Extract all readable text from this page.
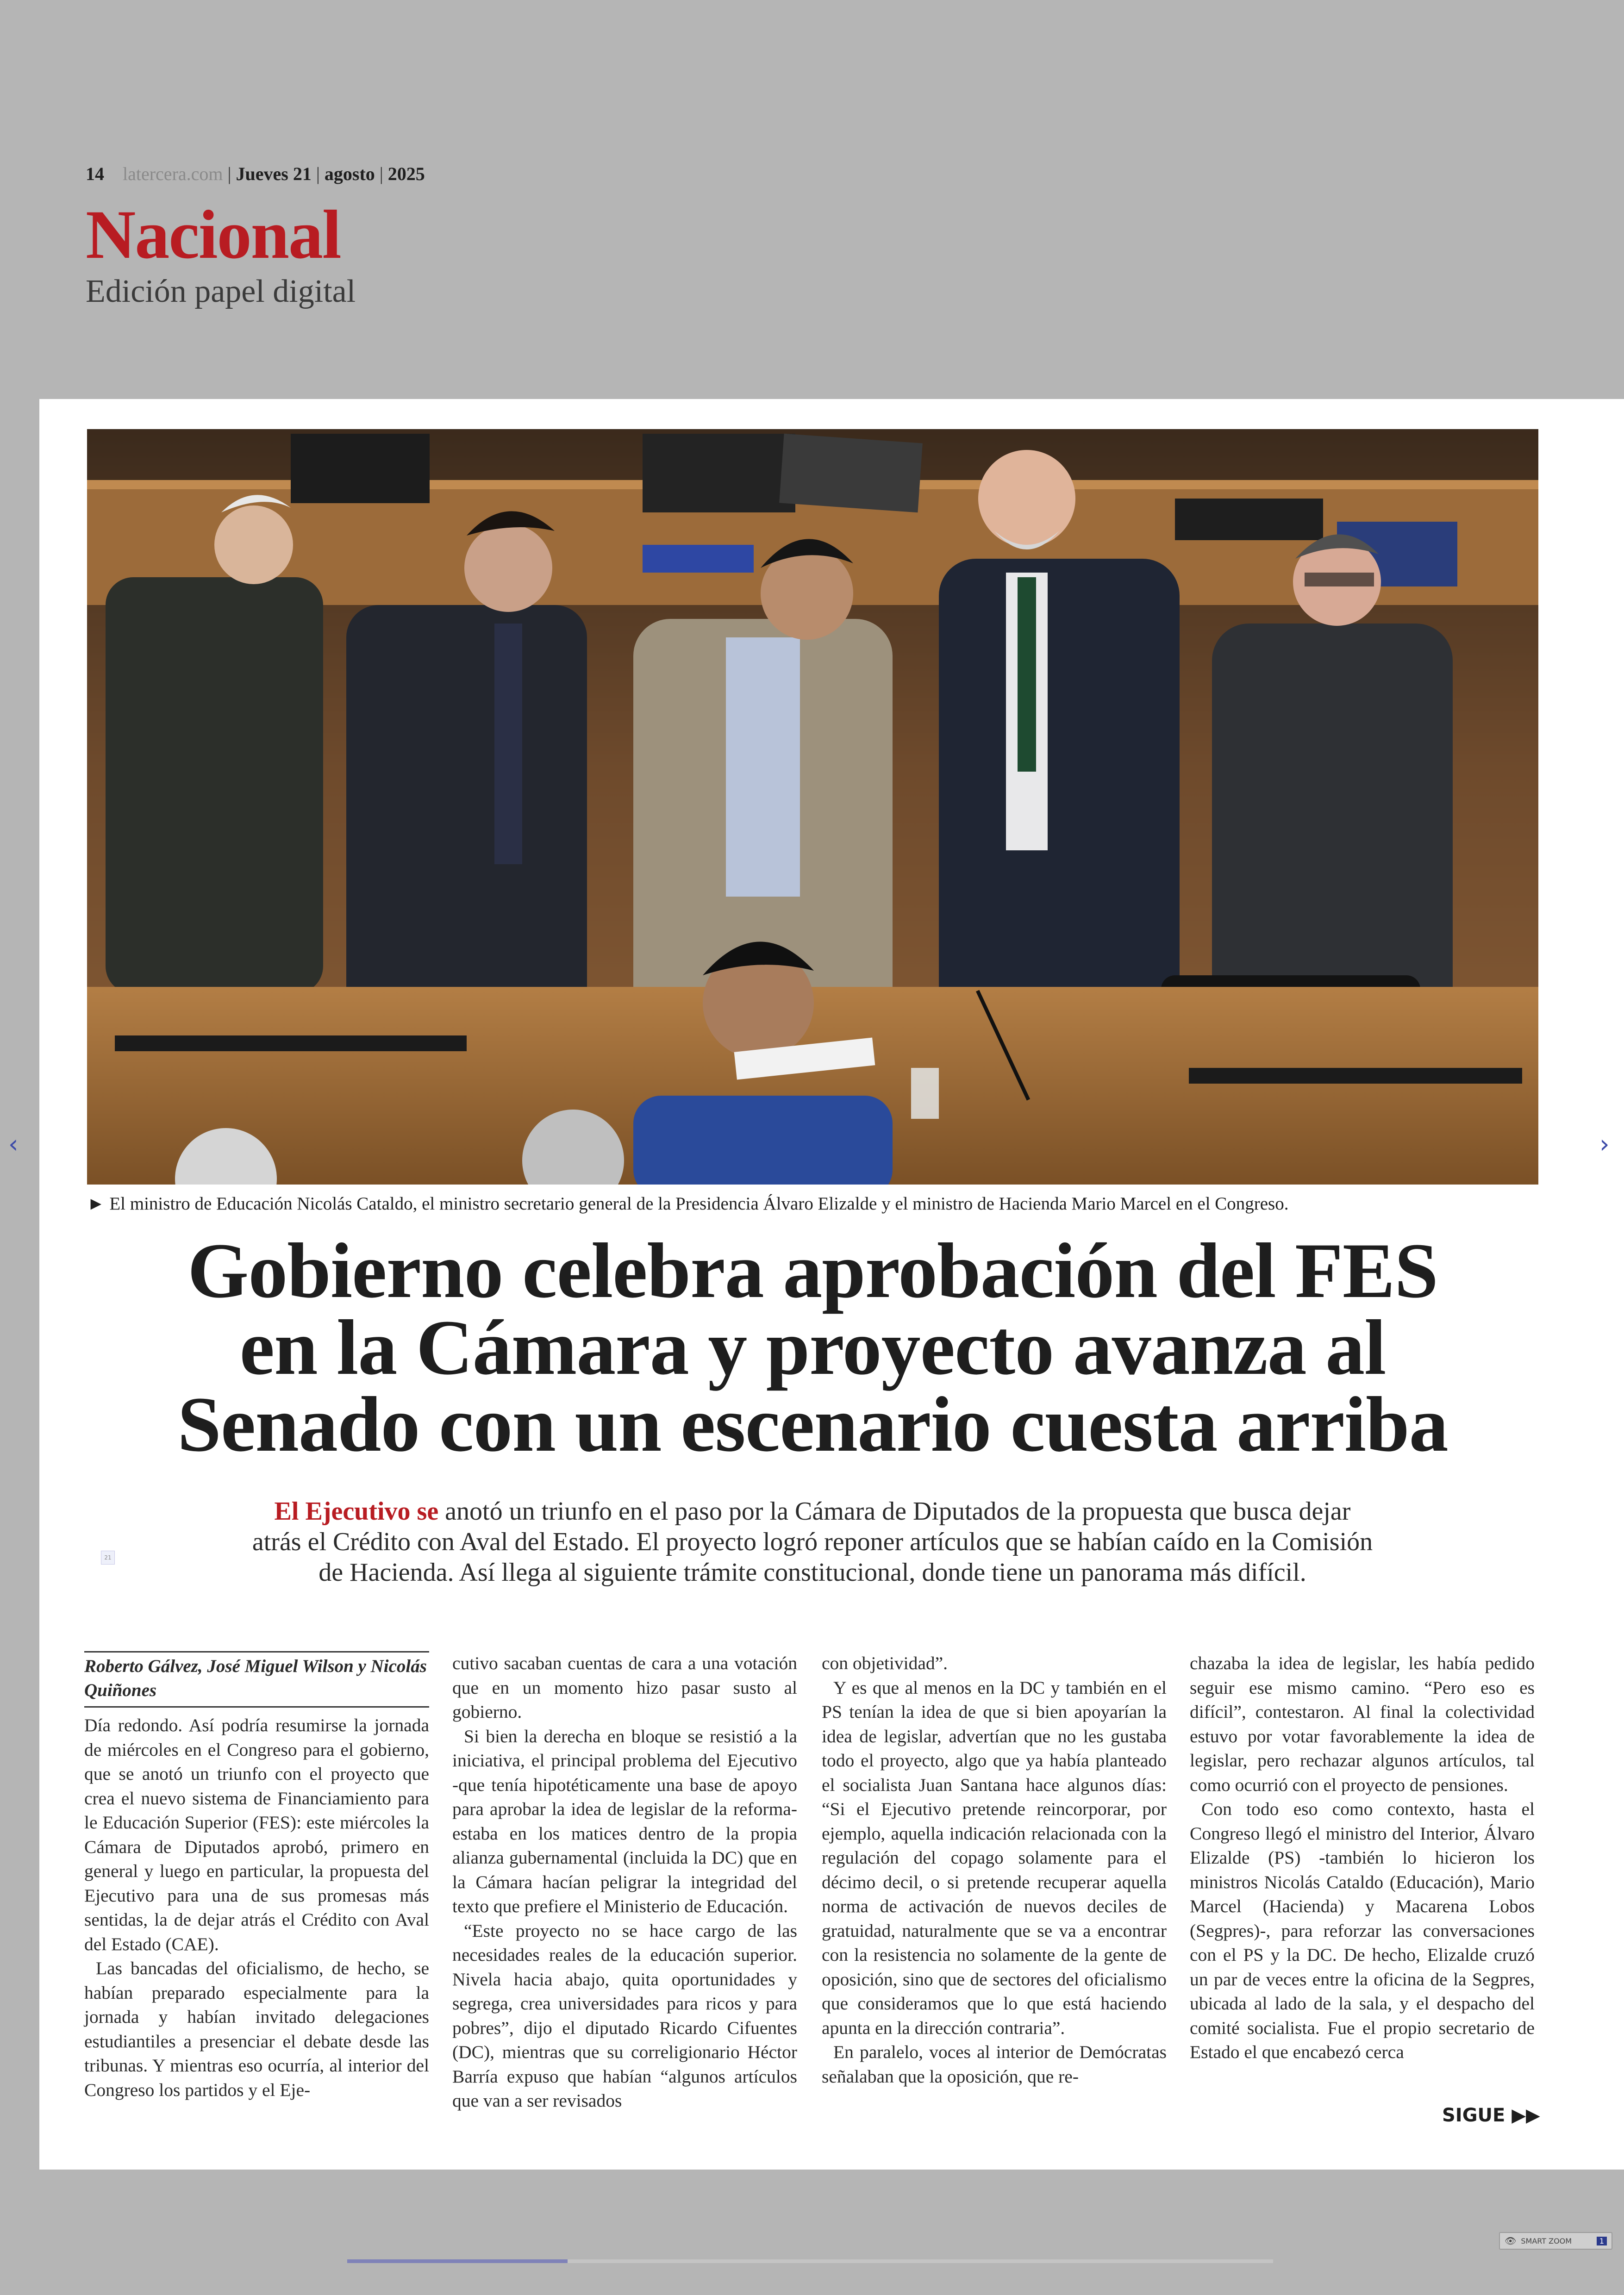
14 latercera.com | Jueves 21 | agosto | 2025
Nacional
Edición papel digital
► El ministro de Educación Nicolás Cataldo, el ministro secretario general de la Presidencia Álvaro Elizalde y el ministro de Hacienda Mario Marcel en el Congreso.
Gobierno celebra aprobación del FES
en la Cámara y proyecto avanza al
Senado con un escenario cuesta arriba
21
El Ejecutivo se anotó un triunfo en el paso por la Cámara de Diputados de la propuesta que busca dejar
atrás el Crédito con Aval del Estado. El proyecto logró reponer artículos que se habían caído en la Comisión
de Hacienda. Así llega al siguiente trámite constitucional, donde tiene un panorama más difícil.
Roberto Gálvez, José Miguel Wilson y Nicolás Quiñones

Día redondo. Así podría resumirse la jornada de miércoles en el Congreso para el gobierno, que se anotó un triunfo con el proyecto que crea el nuevo sistema de Financiamiento para le Educación Superior (FES): este miércoles la Cámara de Diputados aprobó, primero en general y luego en particular, la propuesta del Ejecutivo para una de sus promesas más sentidas, la de dejar atrás el Crédito con Aval del Estado (CAE).

Las bancadas del oficialismo, de hecho, se habían preparado especialmente para la jornada y habían invitado delegaciones estudiantiles a presenciar el debate desde las tribunas. Y mientras eso ocurría, al interior del Congreso los partidos y el Eje-

cutivo sacaban cuentas de cara a una votación que en un momento hizo pasar susto al gobierno.

Si bien la derecha en bloque se resistió a la iniciativa, el principal problema del Ejecutivo -que tenía hipotéticamente una base de apoyo para aprobar la idea de legislar de la reforma- estaba en los matices dentro de la propia alianza gubernamental (incluida la DC) que en la Cámara hacían peligrar la integridad del texto que prefiere el Ministerio de Educación.

“Este proyecto no se hace cargo de las necesidades reales de la educación superior. Nivela hacia abajo, quita oportunidades y segrega, crea universidades para ricos y para pobres”, dijo el diputado Ricardo Cifuentes (DC), mientras que su correligionario Héctor Barría expuso que habían “algunos artículos que van a ser revisados

con objetividad”.

Y es que al menos en la DC y también en el PS tenían la idea de que si bien apoyarían la idea de legislar, advertían que no les gustaba todo el proyecto, algo que ya había planteado el socialista Juan Santana hace algunos días: “Si el Ejecutivo pretende reincorporar, por ejemplo, aquella indicación relacionada con la regulación del copago solamente para el décimo decil, o si pretende recuperar aquella norma de activación de nuevos deciles de gratuidad, naturalmente que se va a encontrar con la resistencia no solamente de la gente de oposición, sino que de sectores del oficialismo que consideramos que lo que está haciendo apunta en la dirección contraria”.

En paralelo, voces al interior de Demócratas señalaban que la oposición, que re-

chazaba la idea de legislar, les había pedido seguir ese mismo camino. “Pero eso es difícil”, contestaron. Al final la colectividad estuvo por votar favorablemente la idea de legislar, pero rechazar algunos artículos, tal como ocurrió con el proyecto de pensiones.

Con todo eso como contexto, hasta el Congreso llegó el ministro del Interior, Álvaro Elizalde (PS) -también lo hicieron los ministros Nicolás Cataldo (Educación), Mario Marcel (Hacienda) y Macarena Lobos (Segpres)-, para reforzar las conversaciones con el PS y la DC. De hecho, Elizalde cruzó un par de veces entre la oficina de la Segpres, ubicada al lado de la sala, y el despacho del comité socialista. Fue el propio secretario de Estado el que encabezó cerca

SIGUE ▶▶
‹	›
👁 SMART ZOOM	1
